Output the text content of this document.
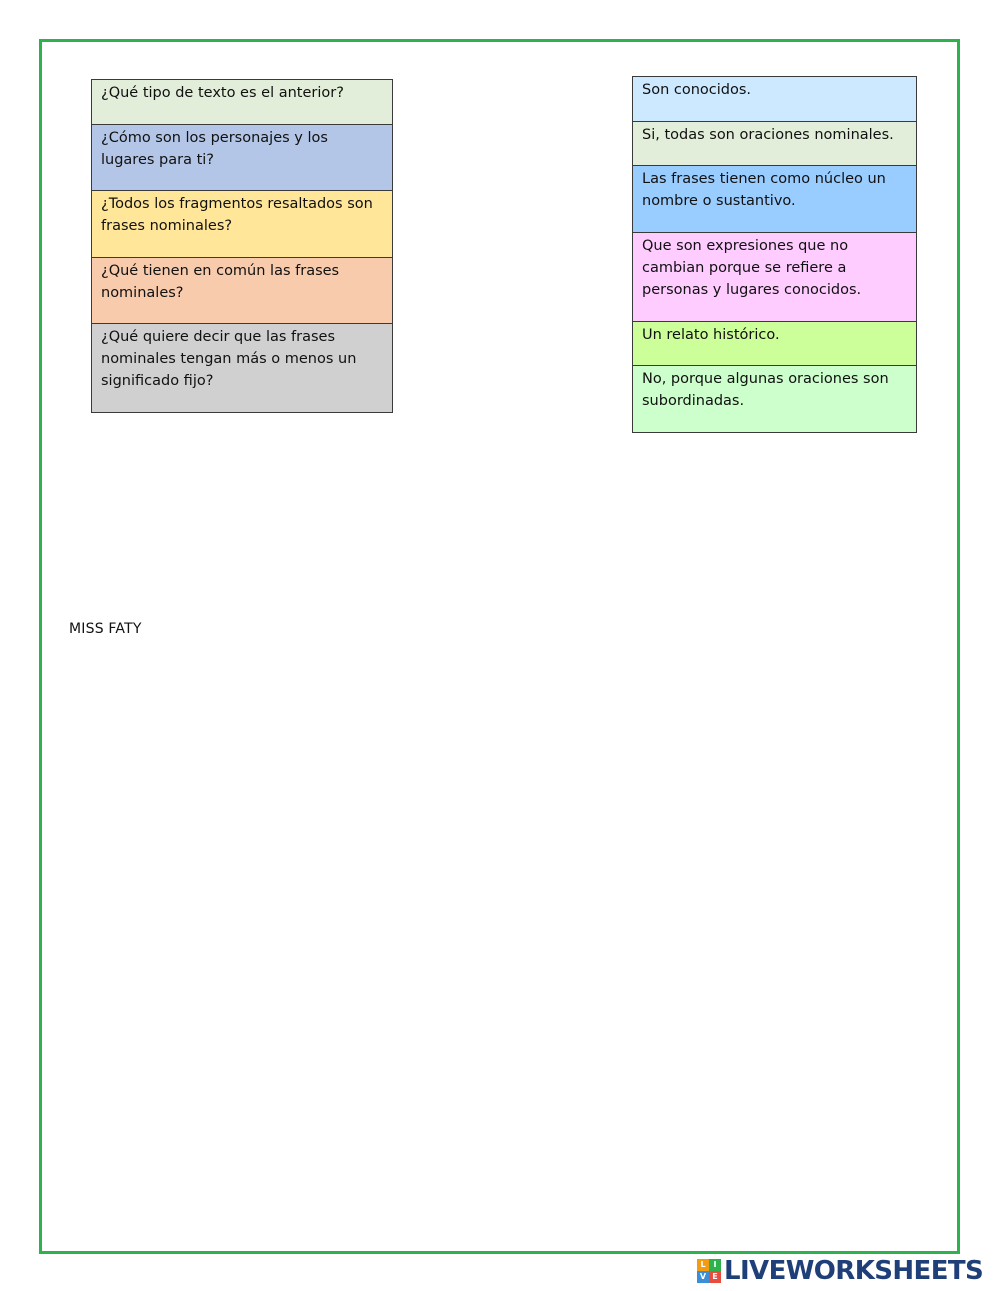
¿Qué tipo de texto es el anterior?
¿Cómo son los personajes y los lugares para ti?
¿Todos los fragmentos resaltados son frases nominales?
¿Qué tienen en común las frases nominales?
¿Qué quiere decir que las frases nominales tengan más o menos un significado fijo?
Son conocidos.
Si, todas son oraciones nominales.
Las frases tienen como núcleo un nombre o sustantivo.
Que son expresiones que no cambian porque se refiere a personas y lugares conocidos.
Un relato histórico.
No, porque algunas oraciones son subordinadas.
MISS FATY
L I
V E LIVEWORKSHEETS
